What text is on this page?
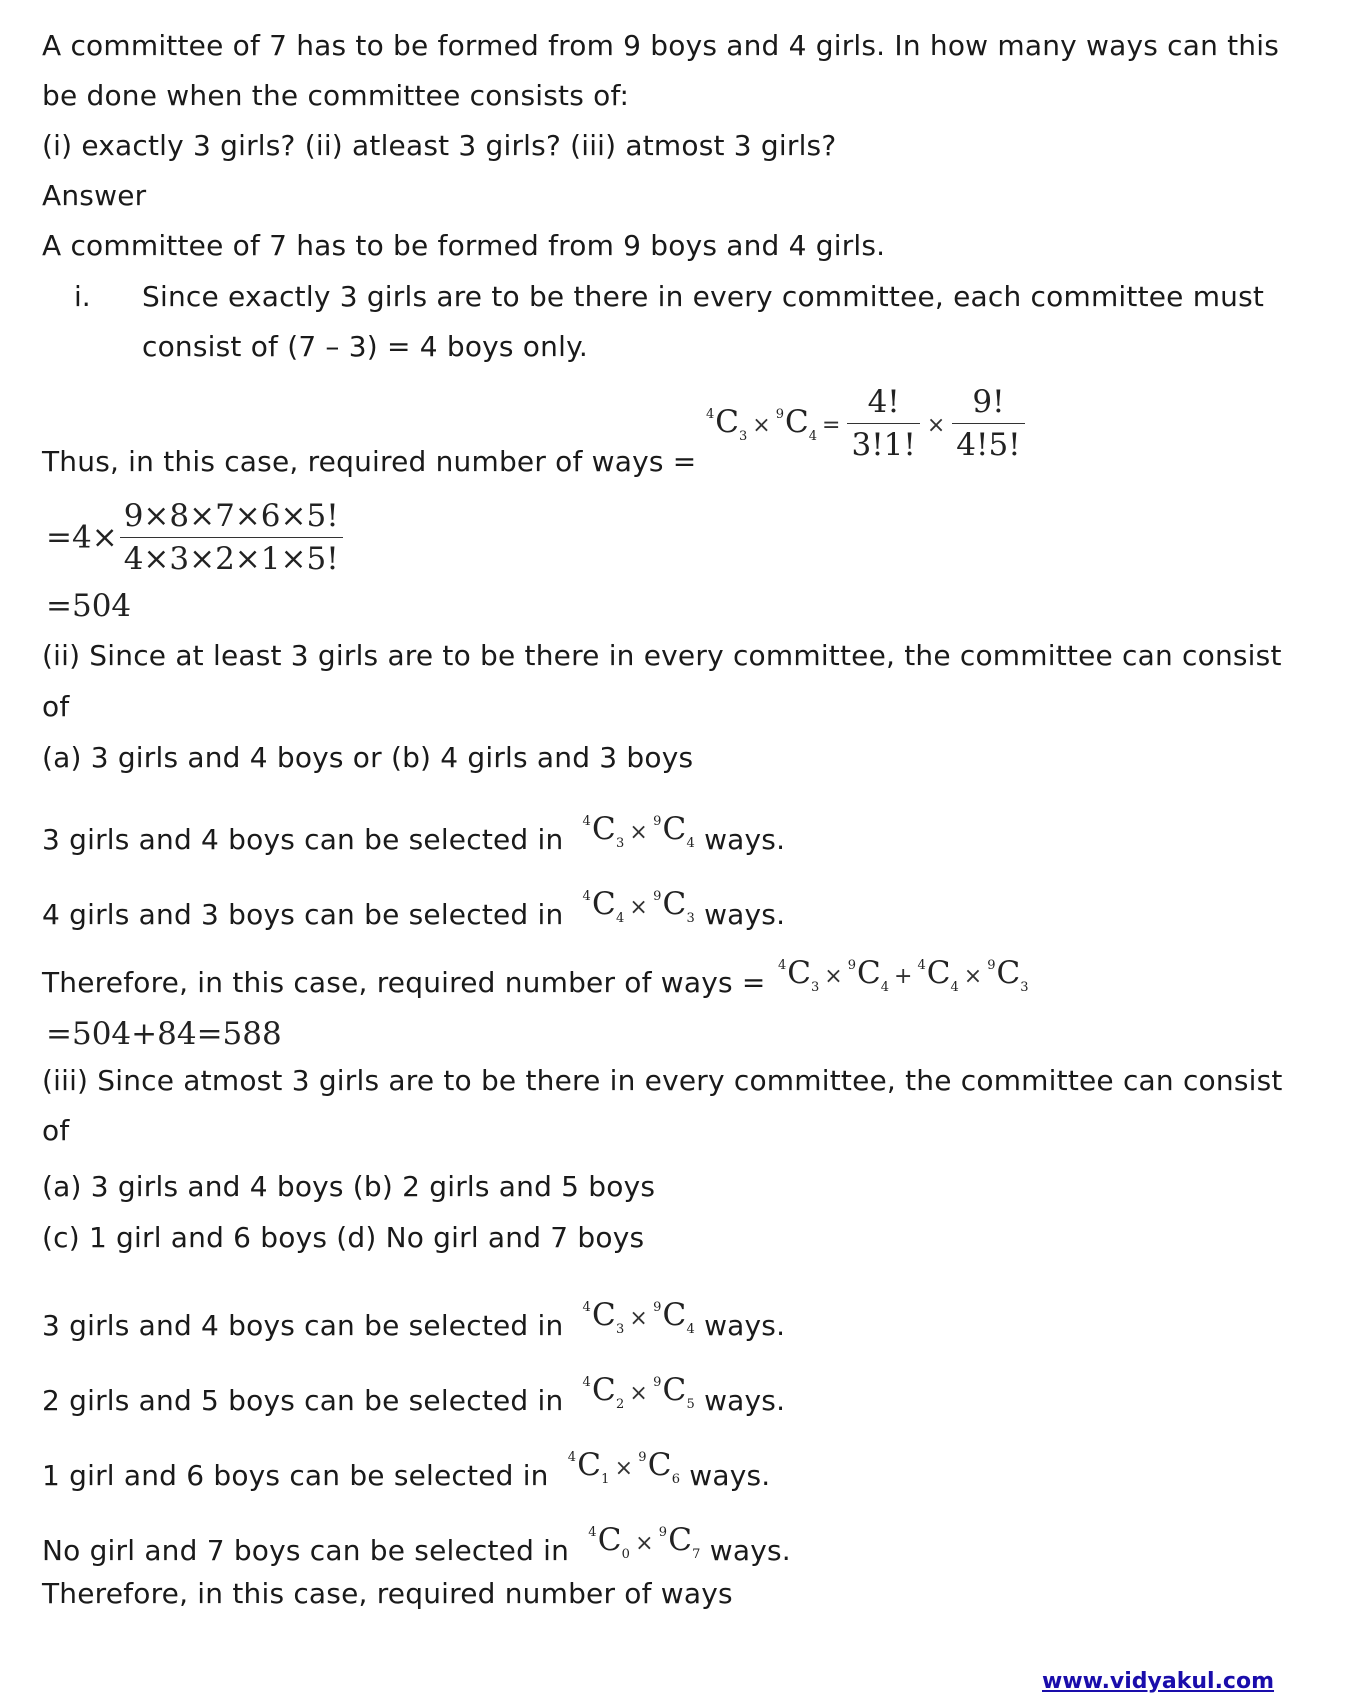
A committee of 7 has to be formed from 9 boys and 4 girls. In how many ways can this
be done when the committee consists of:
(i) exactly 3 girls? (ii) atleast 3 girls? (iii) atmost 3 girls?
Answer
A committee of 7 has to be formed from 9 boys and 4 girls.
i. Since exactly 3 girls are to be there in every committee, each committee must
consist of (7 – 3) = 4 boys only.
$^4C_3 \times ^9C_4 = \frac{4!}{3!1!} \times \frac{9!}{4!5!}$
Thus, in this case, required number of ways =
$=4\times \frac{9\times 8\times 7\times 6\times 5!}{4\times 3\times 2\times 1\times 5!}$
=504
(ii) Since at least 3 girls are to be there in every committee, the committee can consist
of
(a) 3 girls and 4 boys or (b) 4 girls and 3 boys
3 girls and 4 boys can be selected in $^4C_3 \times ^9C_4$ ways.
4 girls and 3 boys can be selected in $^4C_4 \times ^9C_3$ ways.
Therefore, in this case, required number of ways =
$^4C_3 \times ^9C_4 + ^4C_4 \times ^9C_3$
=504+84=588
(iii) Since atmost 3 girls are to be there in every committee, the committee can consist
of
(a) 3 girls and 4 boys (b) 2 girls and 5 boys
(c) 1 girl and 6 boys (d) No girl and 7 boys
3 girls and 4 boys can be selected in $^4C_3 \times ^9C_4$ ways.
2 girls and 5 boys can be selected in $^4C_2 \times ^9C_5$ ways.
1 girl and 6 boys can be selected in $^4C_1 \times ^9C_6$ ways.
No girl and 7 boys can be selected in $^4C_0 \times ^9C_7$ ways.
Therefore, in this case, required number of ways
www.vidyakul.com
